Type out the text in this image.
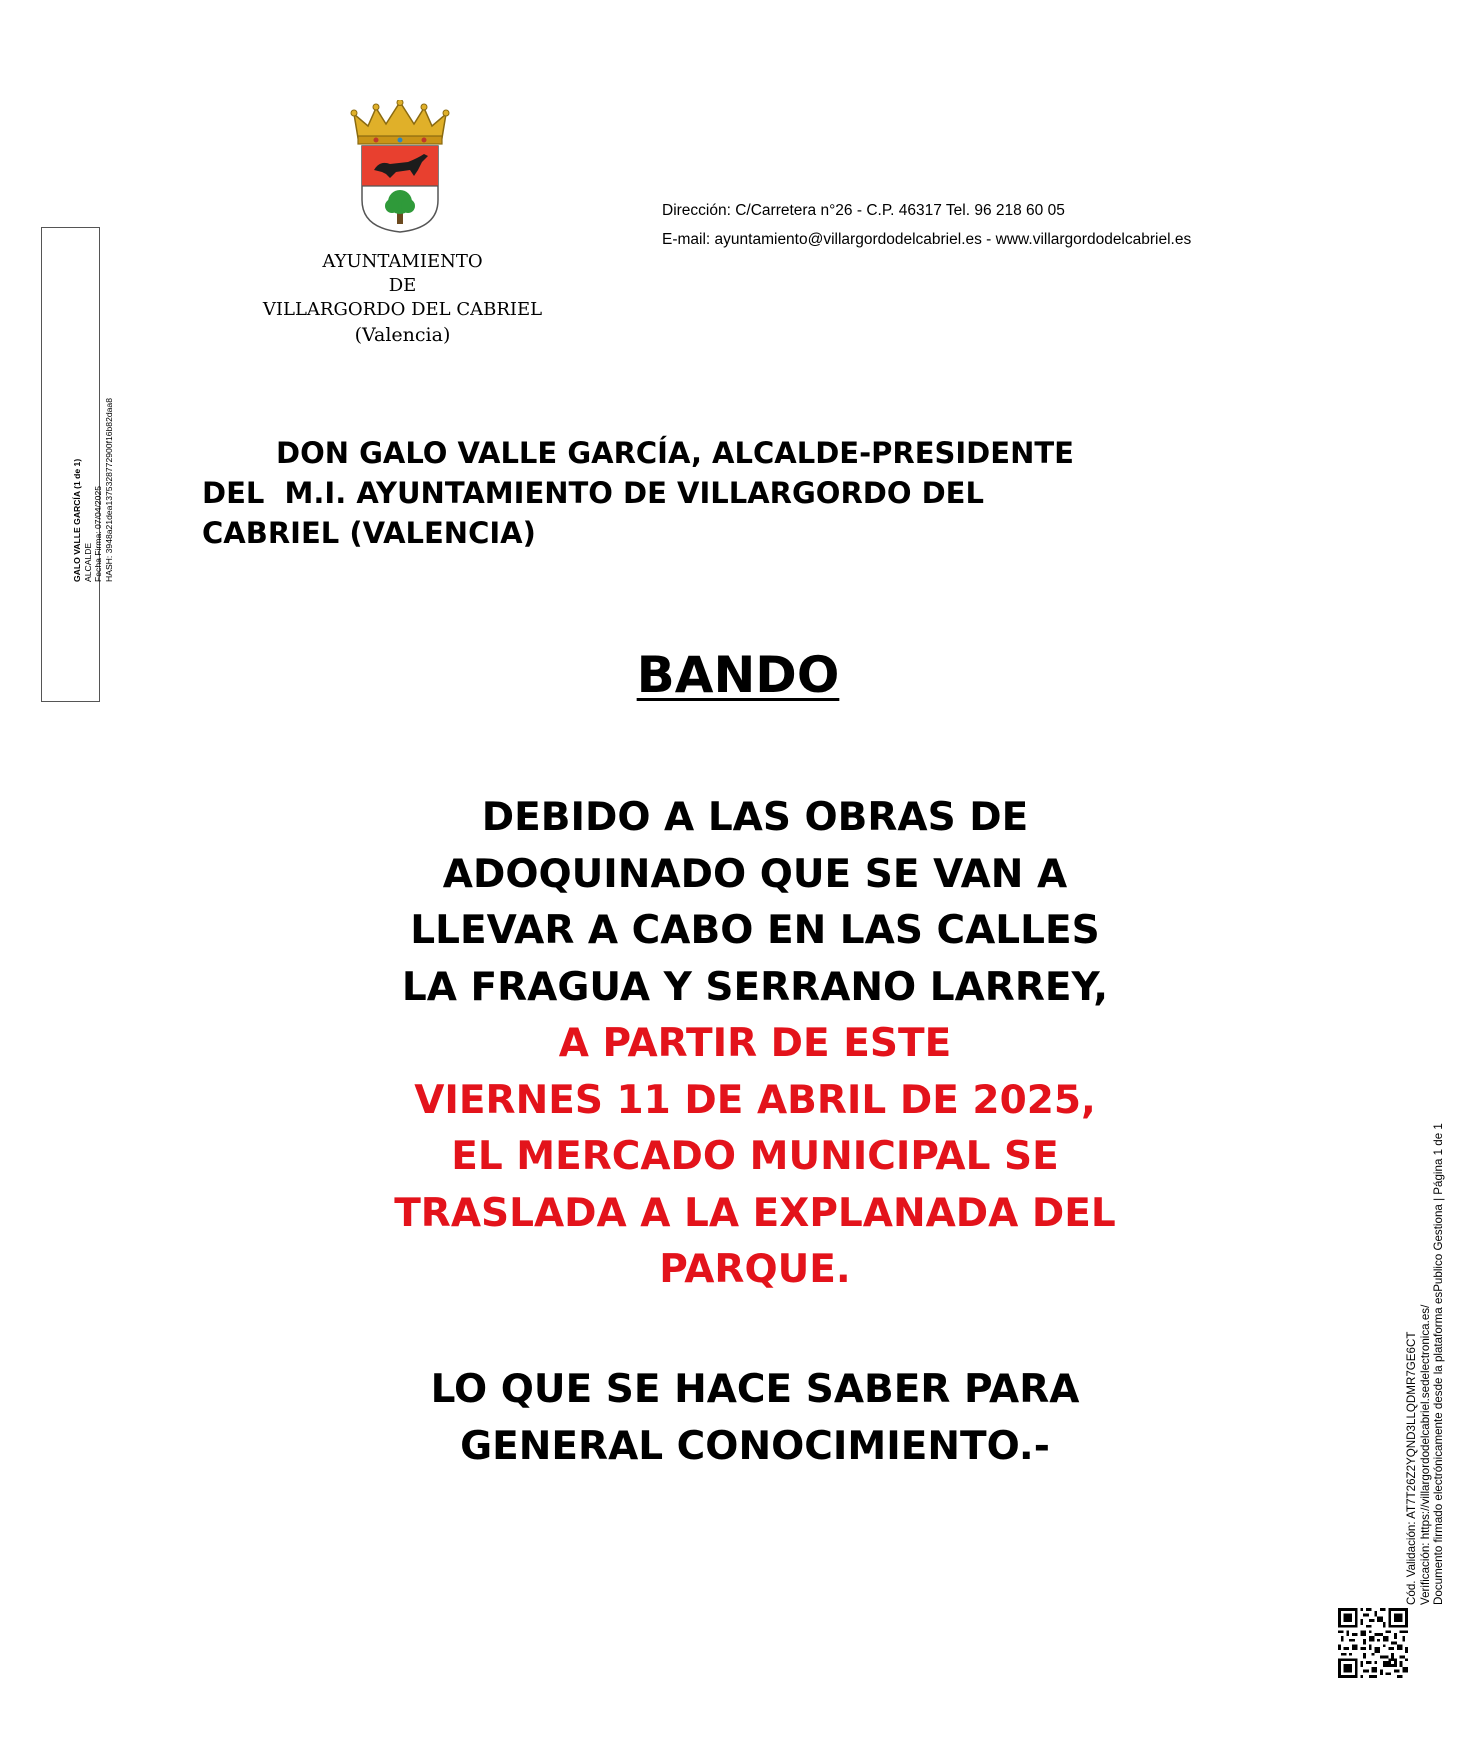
AYUNTAMIENTO
DE
VILLARGORDO DEL CABRIEL
(Valencia)
Dirección: C/Carretera n°26 - C.P. 46317 Tel. 96 218 60 05
E-mail: ayuntamiento@villargordodelcabriel.es - www.villargordodelcabriel.es
GALO VALLE GARCÍA (1 de 1) ALCALDE Fecha Firma: 07/04/2025 HASH: 3948a21dea1375328772900f16b82daa8	DON GALO VALLE GARCÍA, ALCALDE-PRESIDENTE
DEL  M.I. AYUNTAMIENTO DE VILLARGORDO DEL
CABRIEL (VALENCIA)
BANDO
DEBIDO A LAS OBRAS DE
ADOQUINADO QUE SE VAN A
LLEVAR A CABO EN LAS CALLES
LA FRAGUA Y SERRANO LARREY,
A PARTIR DE ESTE
VIERNES 11 DE ABRIL DE 2025,
EL MERCADO MUNICIPAL SE
TRASLADA A LA EXPLANADA DEL
PARQUE.
LO QUE SE HACE SABER PARA
GENERAL CONOCIMIENTO.-	Cód. Validación: AT7T26Z2YQND3LLQDMR7GE6CT Verificación: https://villargordodelcabriel.sedelectronica.es/ Documento firmado electrónicamente desde la plataforma esPublico Gestiona | Página 1 de 1
